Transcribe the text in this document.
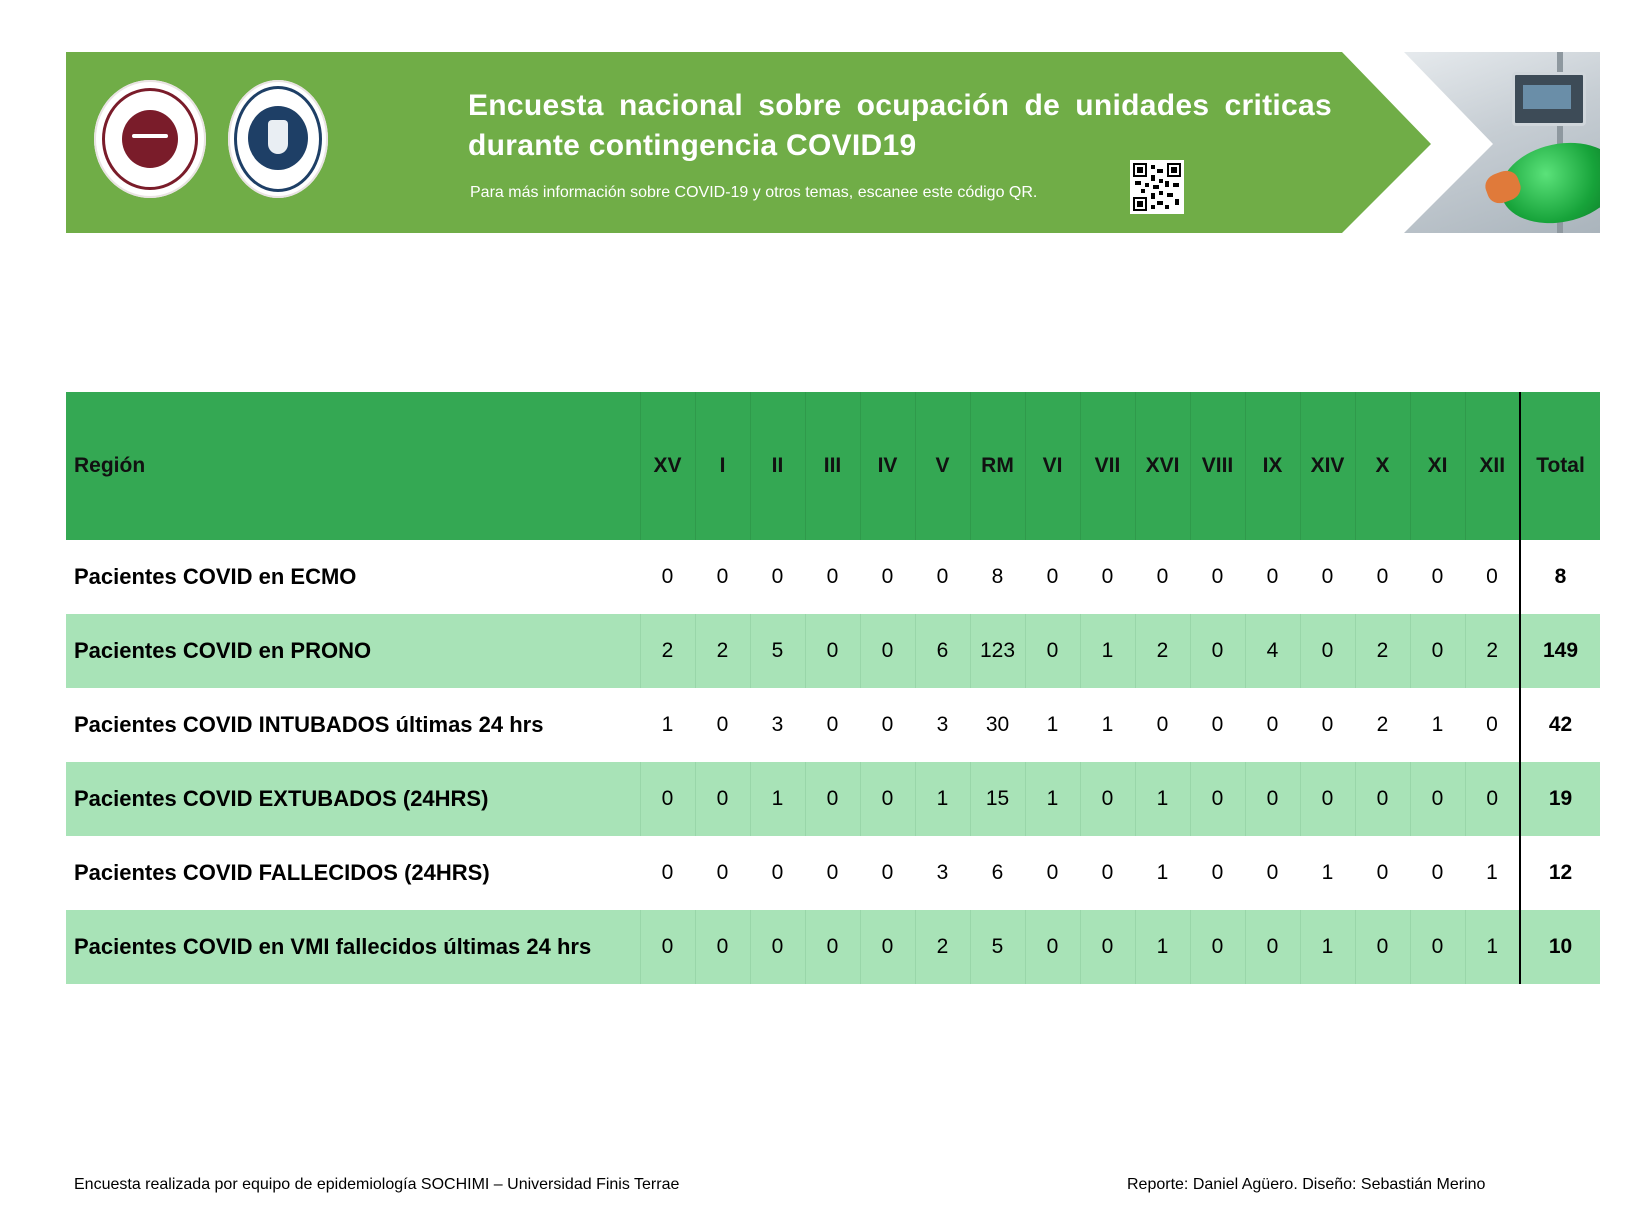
Encuesta nacional sobre ocupación de unidades criticas durante contingencia COVID19
Para más información sobre COVID-19 y otros temas, escanee este código QR.
Región	XV	I	II	III	IV	V	RM	VI	VII	XVI	VIII	IX	XIV	X	XI	XII	Total
Pacientes COVID en ECMO	0	0	0	0	0	0	8	0	0	0	0	0	0	0	0	0	8
Pacientes COVID en PRONO	2	2	5	0	0	6	123	0	1	2	0	4	0	2	0	2	149
Pacientes COVID INTUBADOS últimas 24 hrs	1	0	3	0	0	3	30	1	1	0	0	0	0	2	1	0	42
Pacientes COVID EXTUBADOS (24HRS)	0	0	1	0	0	1	15	1	0	1	0	0	0	0	0	0	19
Pacientes COVID FALLECIDOS (24HRS)	0	0	0	0	0	3	6	0	0	1	0	0	1	0	0	1	12
Pacientes COVID en VMI fallecidos últimas 24 hrs	0	0	0	0	0	2	5	0	0	1	0	0	1	0	0	1	10
Encuesta realizada por equipo de epidemiología SOCHIMI – Universidad Finis Terrae	Reporte: Daniel Agüero. Diseño: Sebastián Merino
